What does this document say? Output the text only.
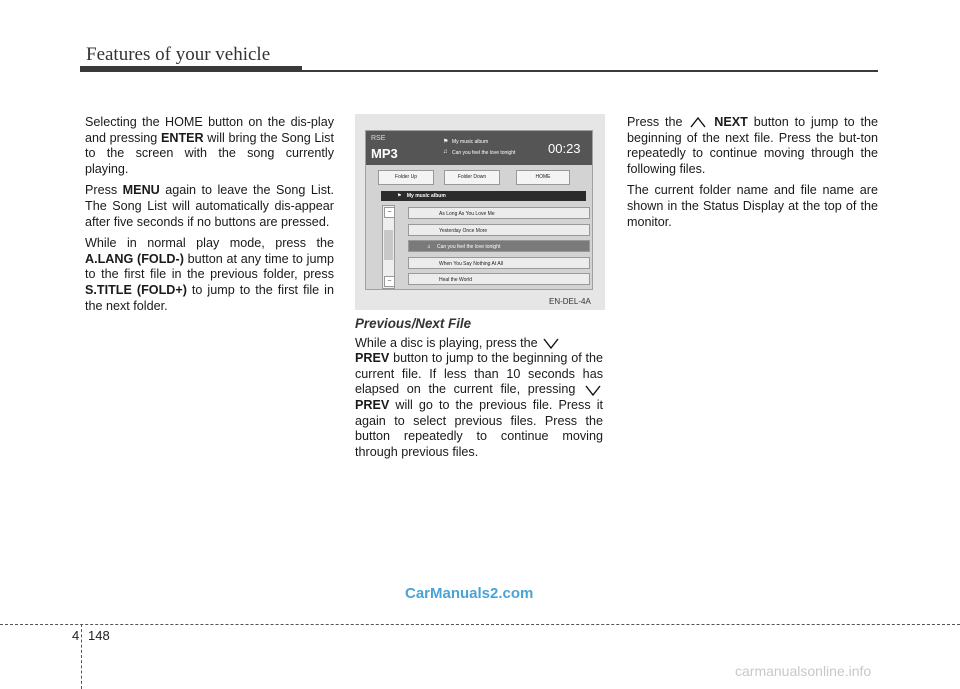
Features of your vehicle

Selecting the HOME button on the dis-play and pressing ENTER will bring the Song List to the screen with the song currently playing.

Press MENU again to leave the Song List. The Song List will automatically dis-appear after five seconds if no buttons are pressed.

While in normal play mode, press the A.LANG (FOLD-) button at any time to jump to the first file in the previous folder, press S.TITLE (FOLD+) to jump to the first file in the next folder.

RSE
MP3
⚑ My music album
♫ Can you feel the love tonight	00:23
Folder Up	Folder Down	HOME
⚑ My music album
–
–
As Long As You Love Me
Yesterday Once More
♫ Can you feel the love tonight
When You Say Nothing At All
Heal the World
EN-DEL-4A
Previous/Next File

While a disc is playing, press the
PREV button to jump to the beginning of the current file. If less than 10 seconds has elapsed on the current file, pressing  PREV will go to the previous file. Press it again to select previous files. Press the button repeatedly to continue moving through previous files.

Press the  NEXT button to jump to the beginning of the next file. Press the but-ton repeatedly to continue moving through the following files.

The current folder name and file name are shown in the Status Display at the top of the monitor.

CarManuals2.com
4 148
carmanualsonline.info
